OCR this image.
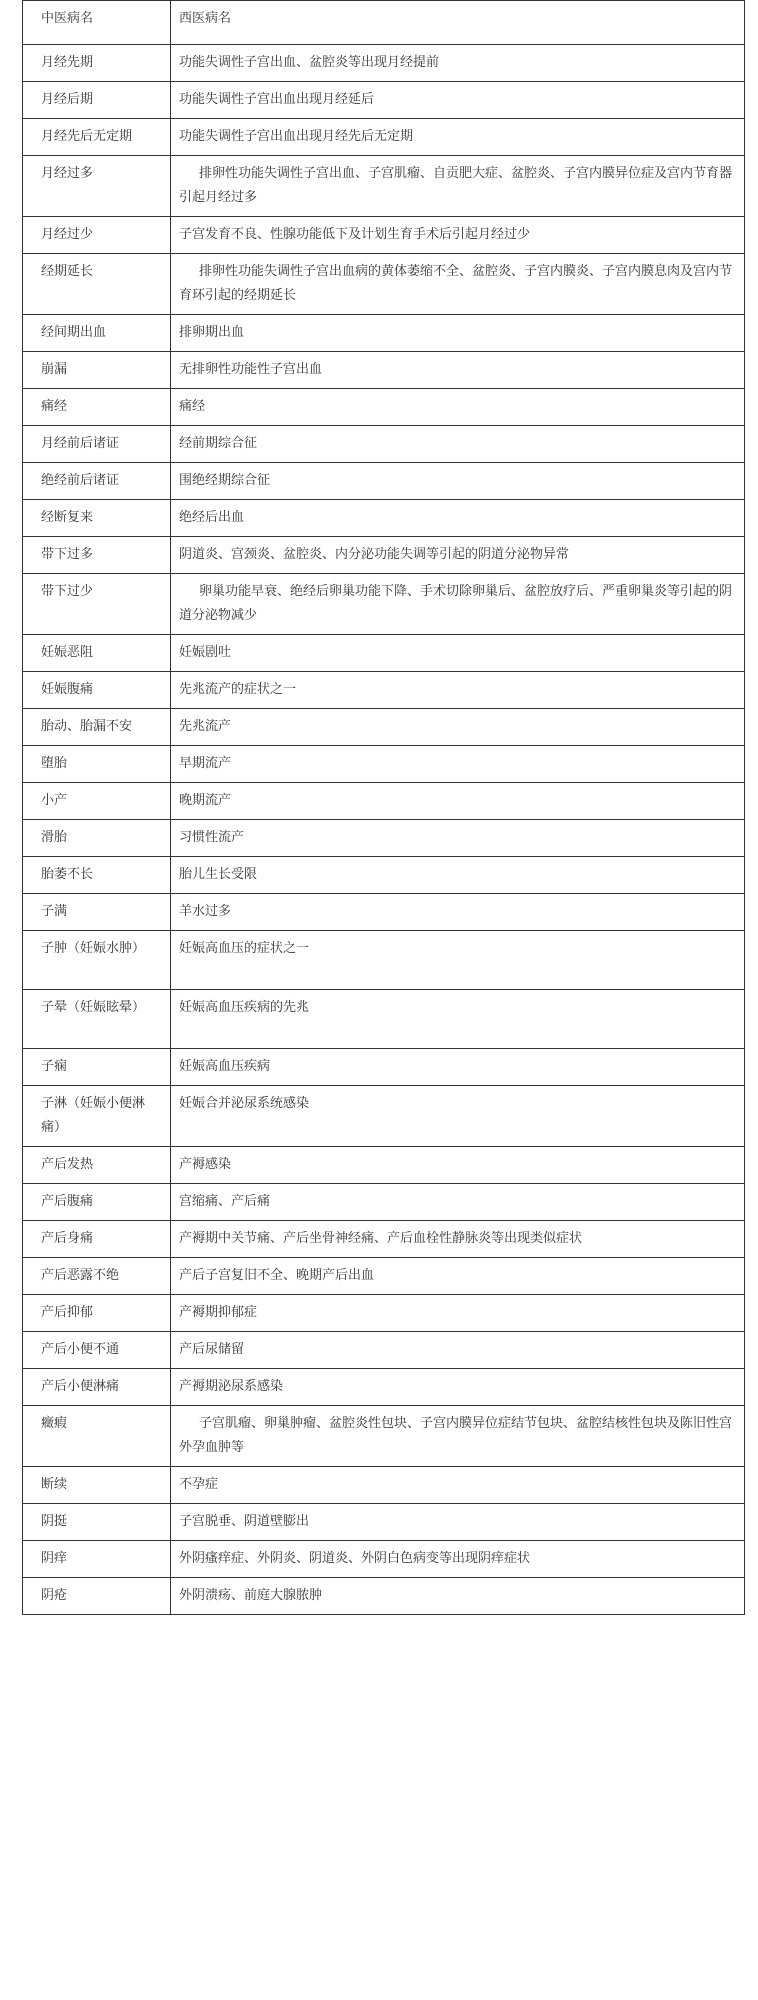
中医病名	西医病名

月经先期	功能失调性子宫出血、盆腔炎等出现月经提前

月经后期	功能失调性子宫出血出现月经延后

月经先后无定期	功能失调性子宫出血出现月经先后无定期

月经过多	排卵性功能失调性子宫出血、子宫肌瘤、自贡肥大症、盆腔炎、子宫内膜异位症及宫内节育器引起月经过多

月经过少	子宫发育不良、性腺功能低下及计划生育手术后引起月经过少

经期延长	排卵性功能失调性子宫出血病的黄体萎缩不全、盆腔炎、子宫内膜炎、子宫内膜息肉及宫内节育环引起的经期延长

经间期出血	排卵期出血

崩漏	无排卵性功能性子宫出血

痛经	痛经

月经前后诸证	经前期综合征

绝经前后诸证	围绝经期综合征

经断复来	绝经后出血

带下过多	阴道炎、宫颈炎、盆腔炎、内分泌功能失调等引起的阴道分泌物异常

带下过少	卵巢功能早衰、绝经后卵巢功能下降、手术切除卵巢后、盆腔放疗后、严重卵巢炎等引起的阴道分泌物减少

妊娠恶阻	妊娠剧吐

妊娠腹痛	先兆流产的症状之一

胎动、胎漏不安	先兆流产

堕胎	早期流产

小产	晚期流产

滑胎	习惯性流产

胎萎不长	胎儿生长受限

子满	羊水过多

子肿（妊娠水肿）	妊娠高血压的症状之一

子晕（妊娠眩晕）	妊娠高血压疾病的先兆

子痫	妊娠高血压疾病

子淋（妊娠小便淋痛）	妊娠合并泌尿系统感染

产后发热	产褥感染

产后腹痛	宫缩痛、产后痛

产后身痛	产褥期中关节痛、产后坐骨神经痛、产后血栓性静脉炎等出现类似症状

产后恶露不绝	产后子宫复旧不全、晚期产后出血

产后抑郁	产褥期抑郁症

产后小便不通	产后尿储留

产后小便淋痛	产褥期泌尿系感染

癥瘕	子宫肌瘤、卵巢肿瘤、盆腔炎性包块、子宫内膜异位症结节包块、盆腔结核性包块及陈旧性宫外孕血肿等

断续	不孕症

阴挺	子宫脱垂、阴道壁膨出

阴痒	外阴瘙痒症、外阴炎、阴道炎、外阴白色病变等出现阴痒症状

阴疮	外阴溃疡、前庭大腺脓肿
